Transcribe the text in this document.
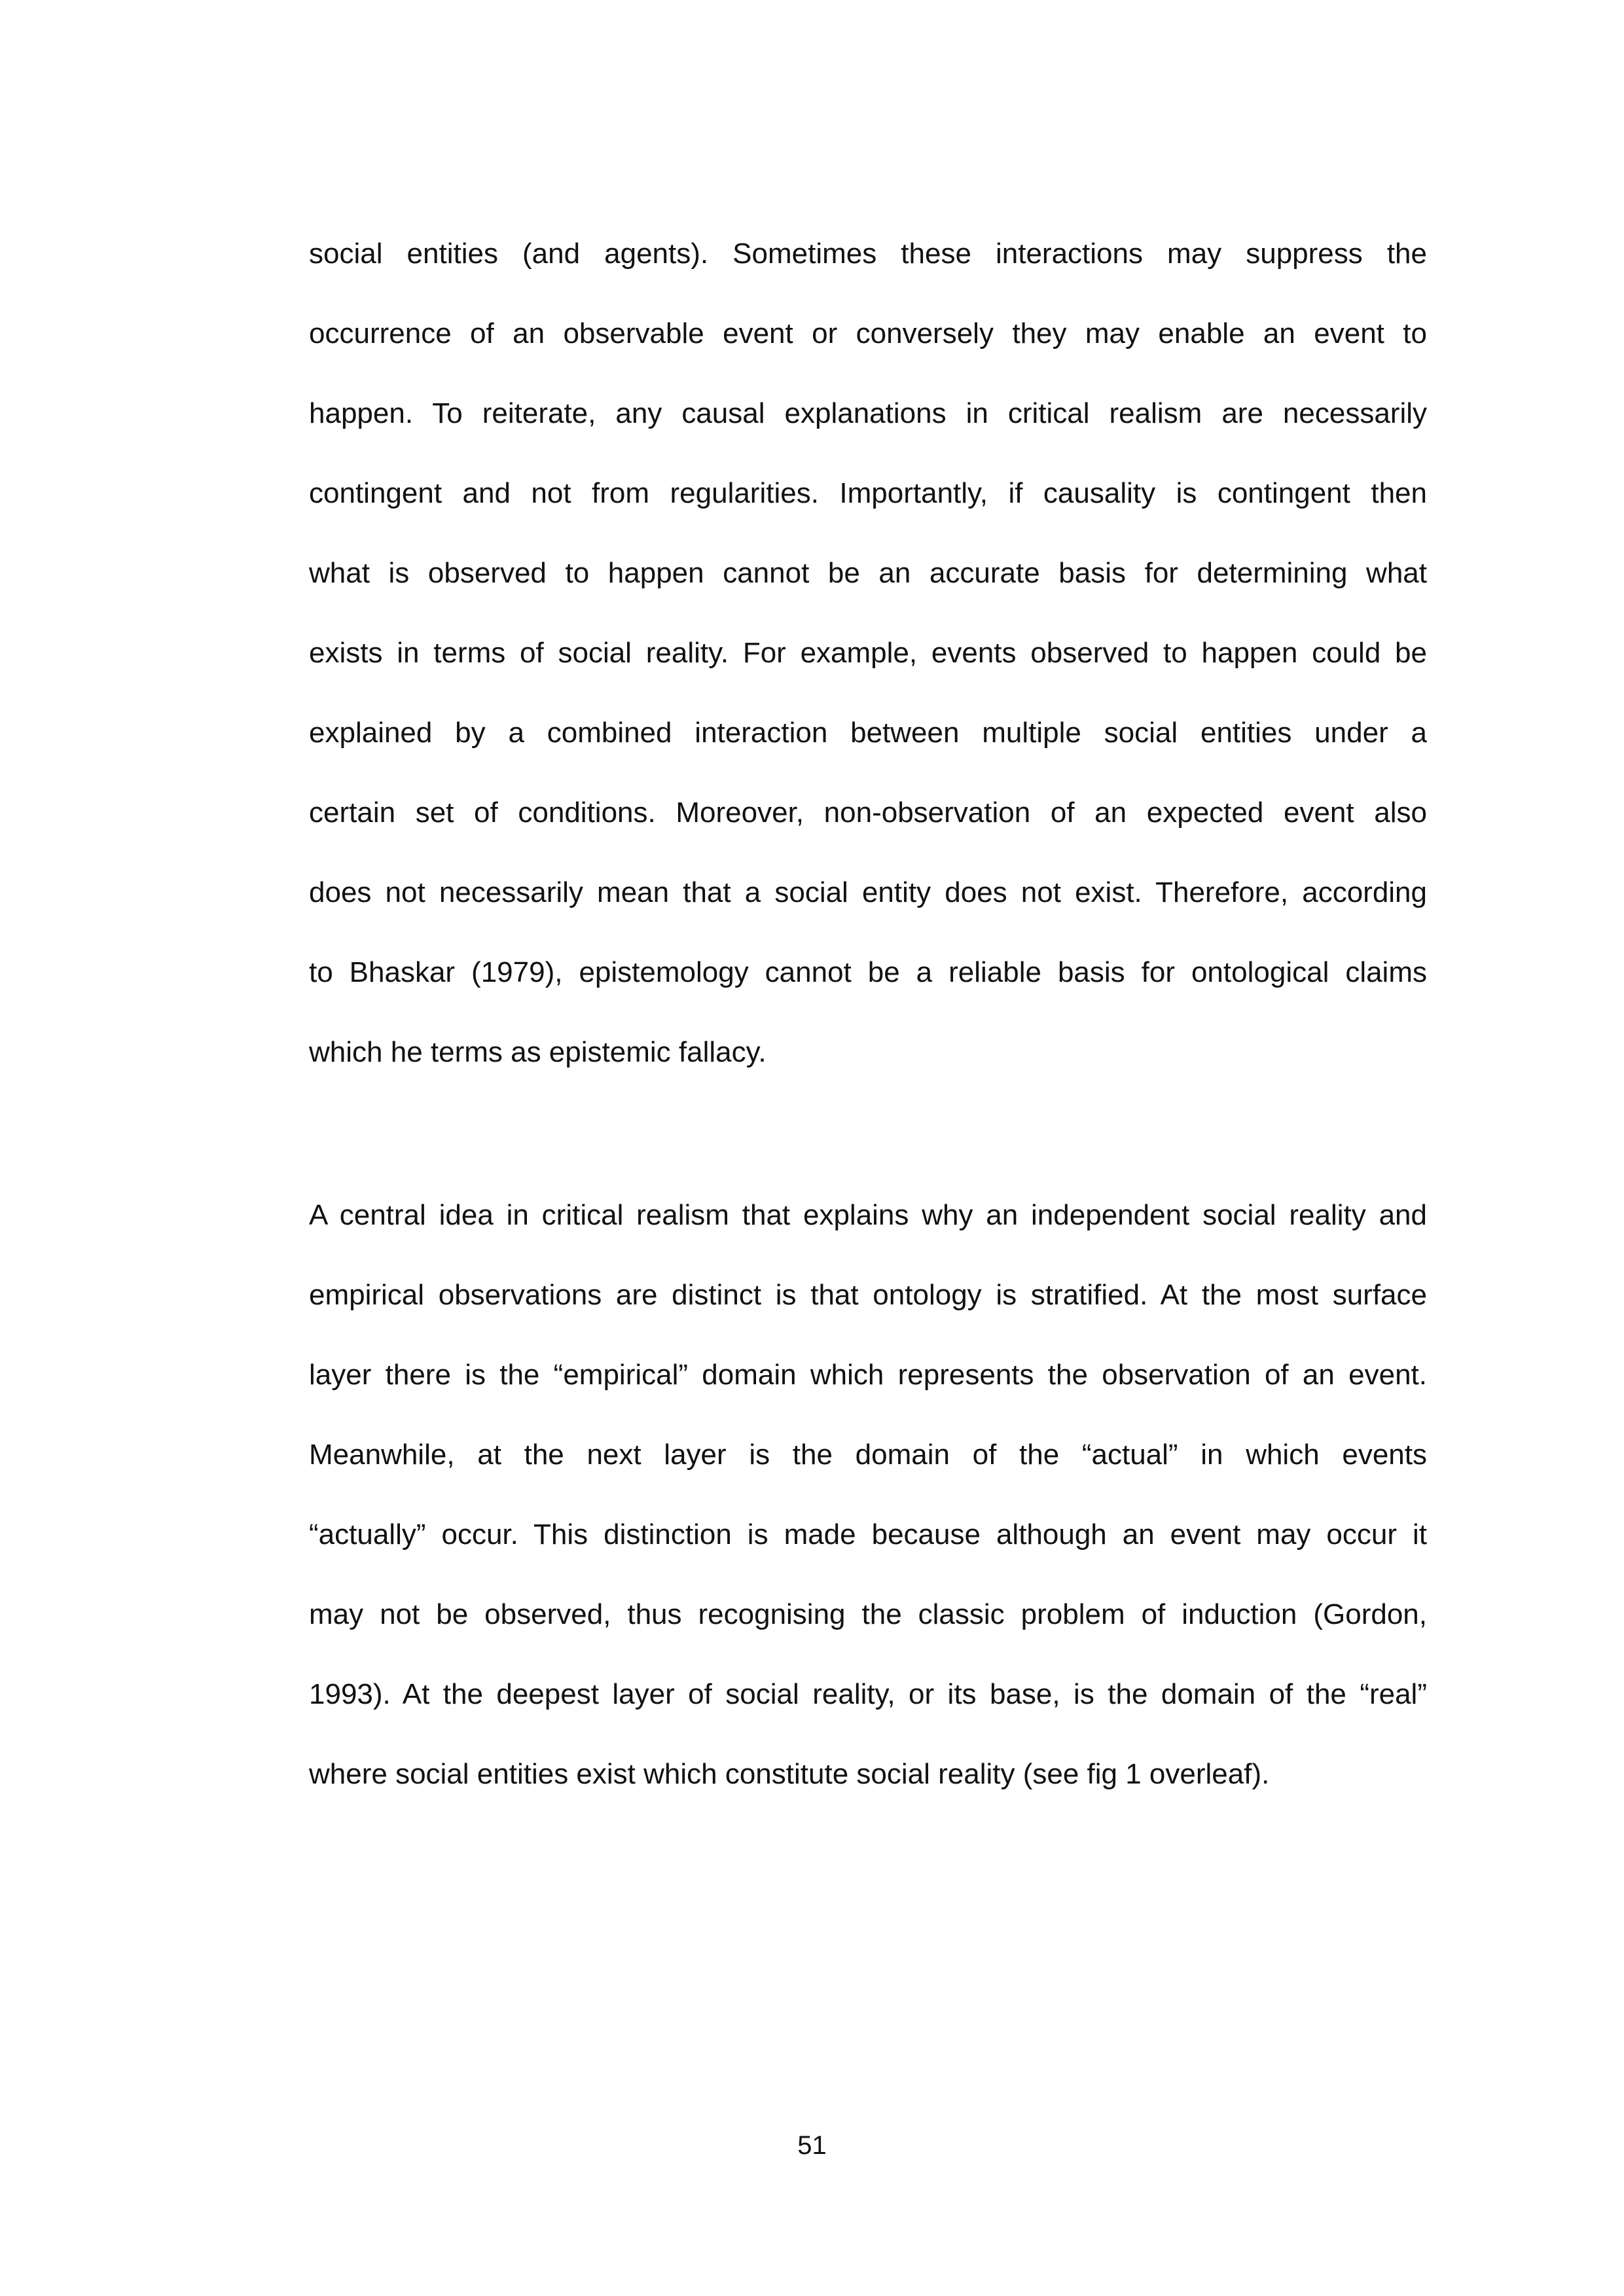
social entities (and agents). Sometimes these interactions may suppress the
occurrence of an observable event or conversely they may enable an event to
happen. To reiterate, any causal explanations in critical realism are necessarily
contingent and not from regularities. Importantly, if causality is contingent then
what is observed to happen cannot be an accurate basis for determining what
exists in terms of social reality. For example, events observed to happen could be
explained by a combined interaction between multiple social entities under a
certain set of conditions. Moreover, non-observation of an expected event also
does not necessarily mean that a social entity does not exist. Therefore, according
to Bhaskar (1979), epistemology cannot be a reliable basis for ontological claims
which he terms as epistemic fallacy.
A central idea in critical realism that explains why an independent social reality and
empirical observations are distinct is that ontology is stratified. At the most surface
layer there is the “empirical” domain which represents the observation of an event.
Meanwhile, at the next layer is the domain of the “actual” in which events
“actually” occur. This distinction is made because although an event may occur it
may not be observed, thus recognising the classic problem of induction (Gordon,
1993). At the deepest layer of social reality, or its base, is the domain of the “real”
where social entities exist which constitute social reality (see fig 1 overleaf).
51
